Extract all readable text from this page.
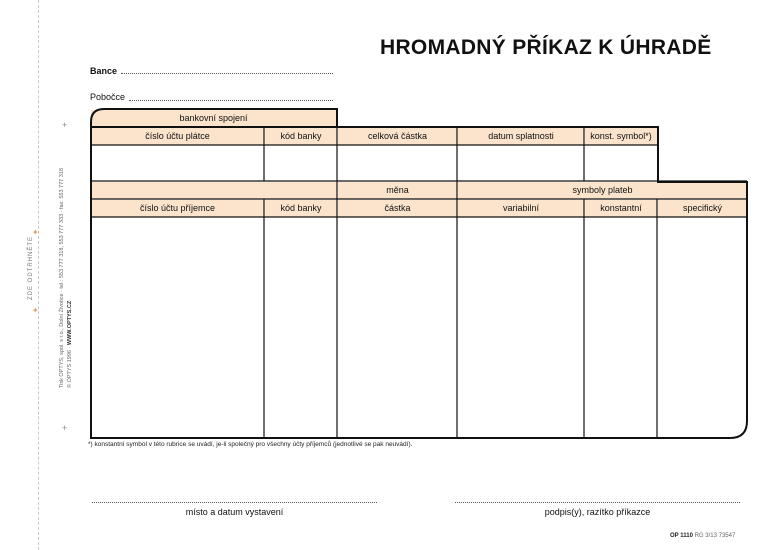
✦
✦
ZDE ODTRHNĚTE
Tisk OPTYS, spol. s r.o., Dolní Životice · tel.: 553 777 318, 553 777 333 · fax: 553 777 318
© OPTYS 1996 · WWW.OPTYS.CZ
+
+
HROMADNÝ PŘÍKAZ K ÚHRADĚ
Bance
Pobočce
bankovní spojení
číslo účtu plátce	kód banky	celková částka	datum splatnosti	konst. symbol*)
měna	symboly plateb
číslo účtu příjemce	kód banky	částka	variabilní	konstantní	specifický
*) konstantní symbol v této rubrice se uvádí, je-li společný pro všechny účty příjemců (jednotlivé se pak neuvádí).
místo a datum vystavení	podpis(y), razítko příkazce
OP 1110 RG 3/13 73547
